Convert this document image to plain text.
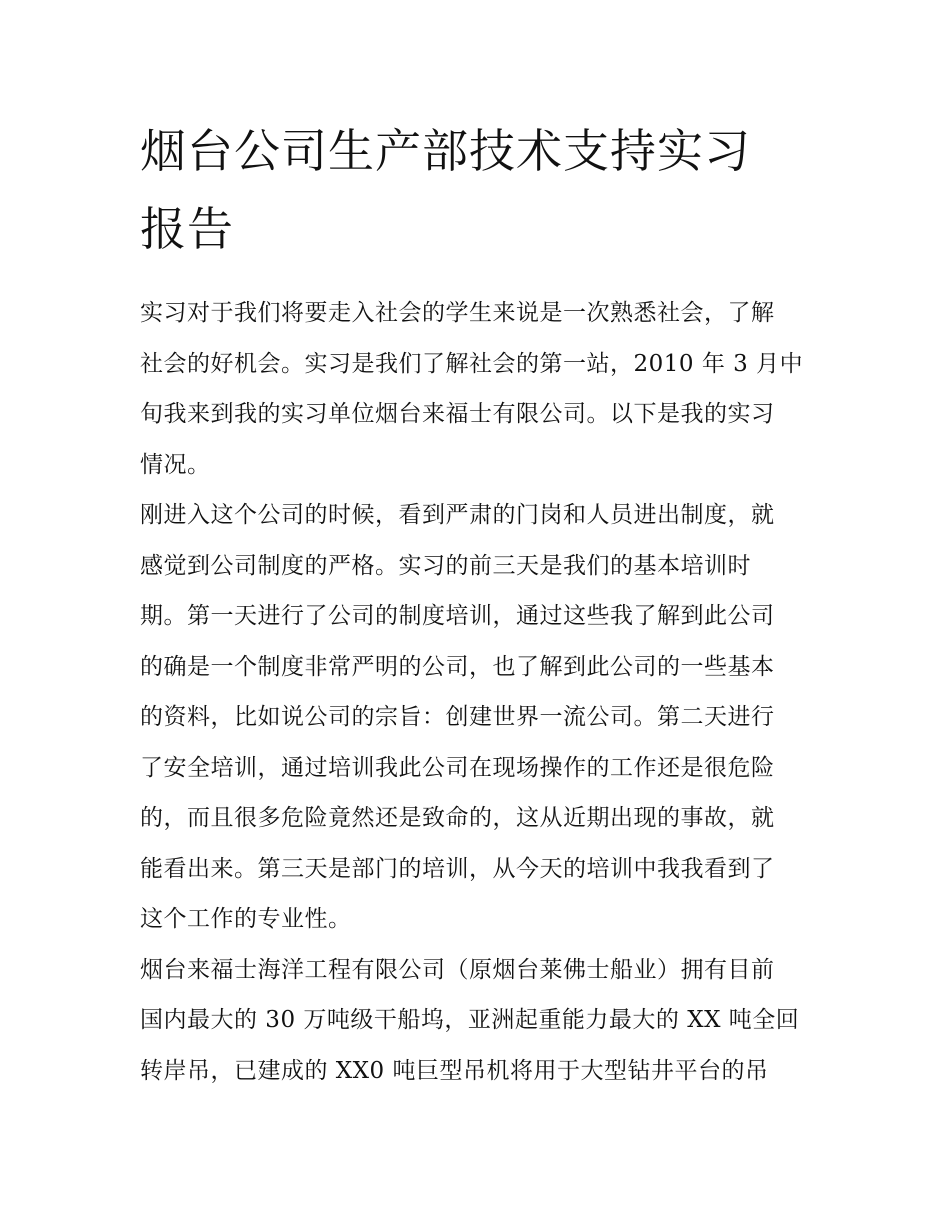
烟台公司生产部技术支持实习
报告

实习对于我们将要走入社会的学生来说是一次熟悉社会，了解
社会的好机会。实习是我们了解社会的第一站，2010 年 3 月中
旬我来到我的实习单位烟台来福士有限公司。以下是我的实习
情况。

刚进入这个公司的时候，看到严肃的门岗和人员进出制度，就
感觉到公司制度的严格。实习的前三天是我们的基本培训时
期。第一天进行了公司的制度培训，通过这些我了解到此公司
的确是一个制度非常严明的公司，也了解到此公司的一些基本
的资料，比如说公司的宗旨：创建世界一流公司。第二天进行
了安全培训，通过培训我此公司在现场操作的工作还是很危险
的，而且很多危险竟然还是致命的，这从近期出现的事故，就
能看出来。第三天是部门的培训，从今天的培训中我我看到了
这个工作的专业性。

烟台来福士海洋工程有限公司（原烟台莱佛士船业）拥有目前
国内最大的 30 万吨级干船坞，亚洲起重能力最大的 XX 吨全回
转岸吊，已建成的 XX0 吨巨型吊机将用于大型钻井平台的吊
